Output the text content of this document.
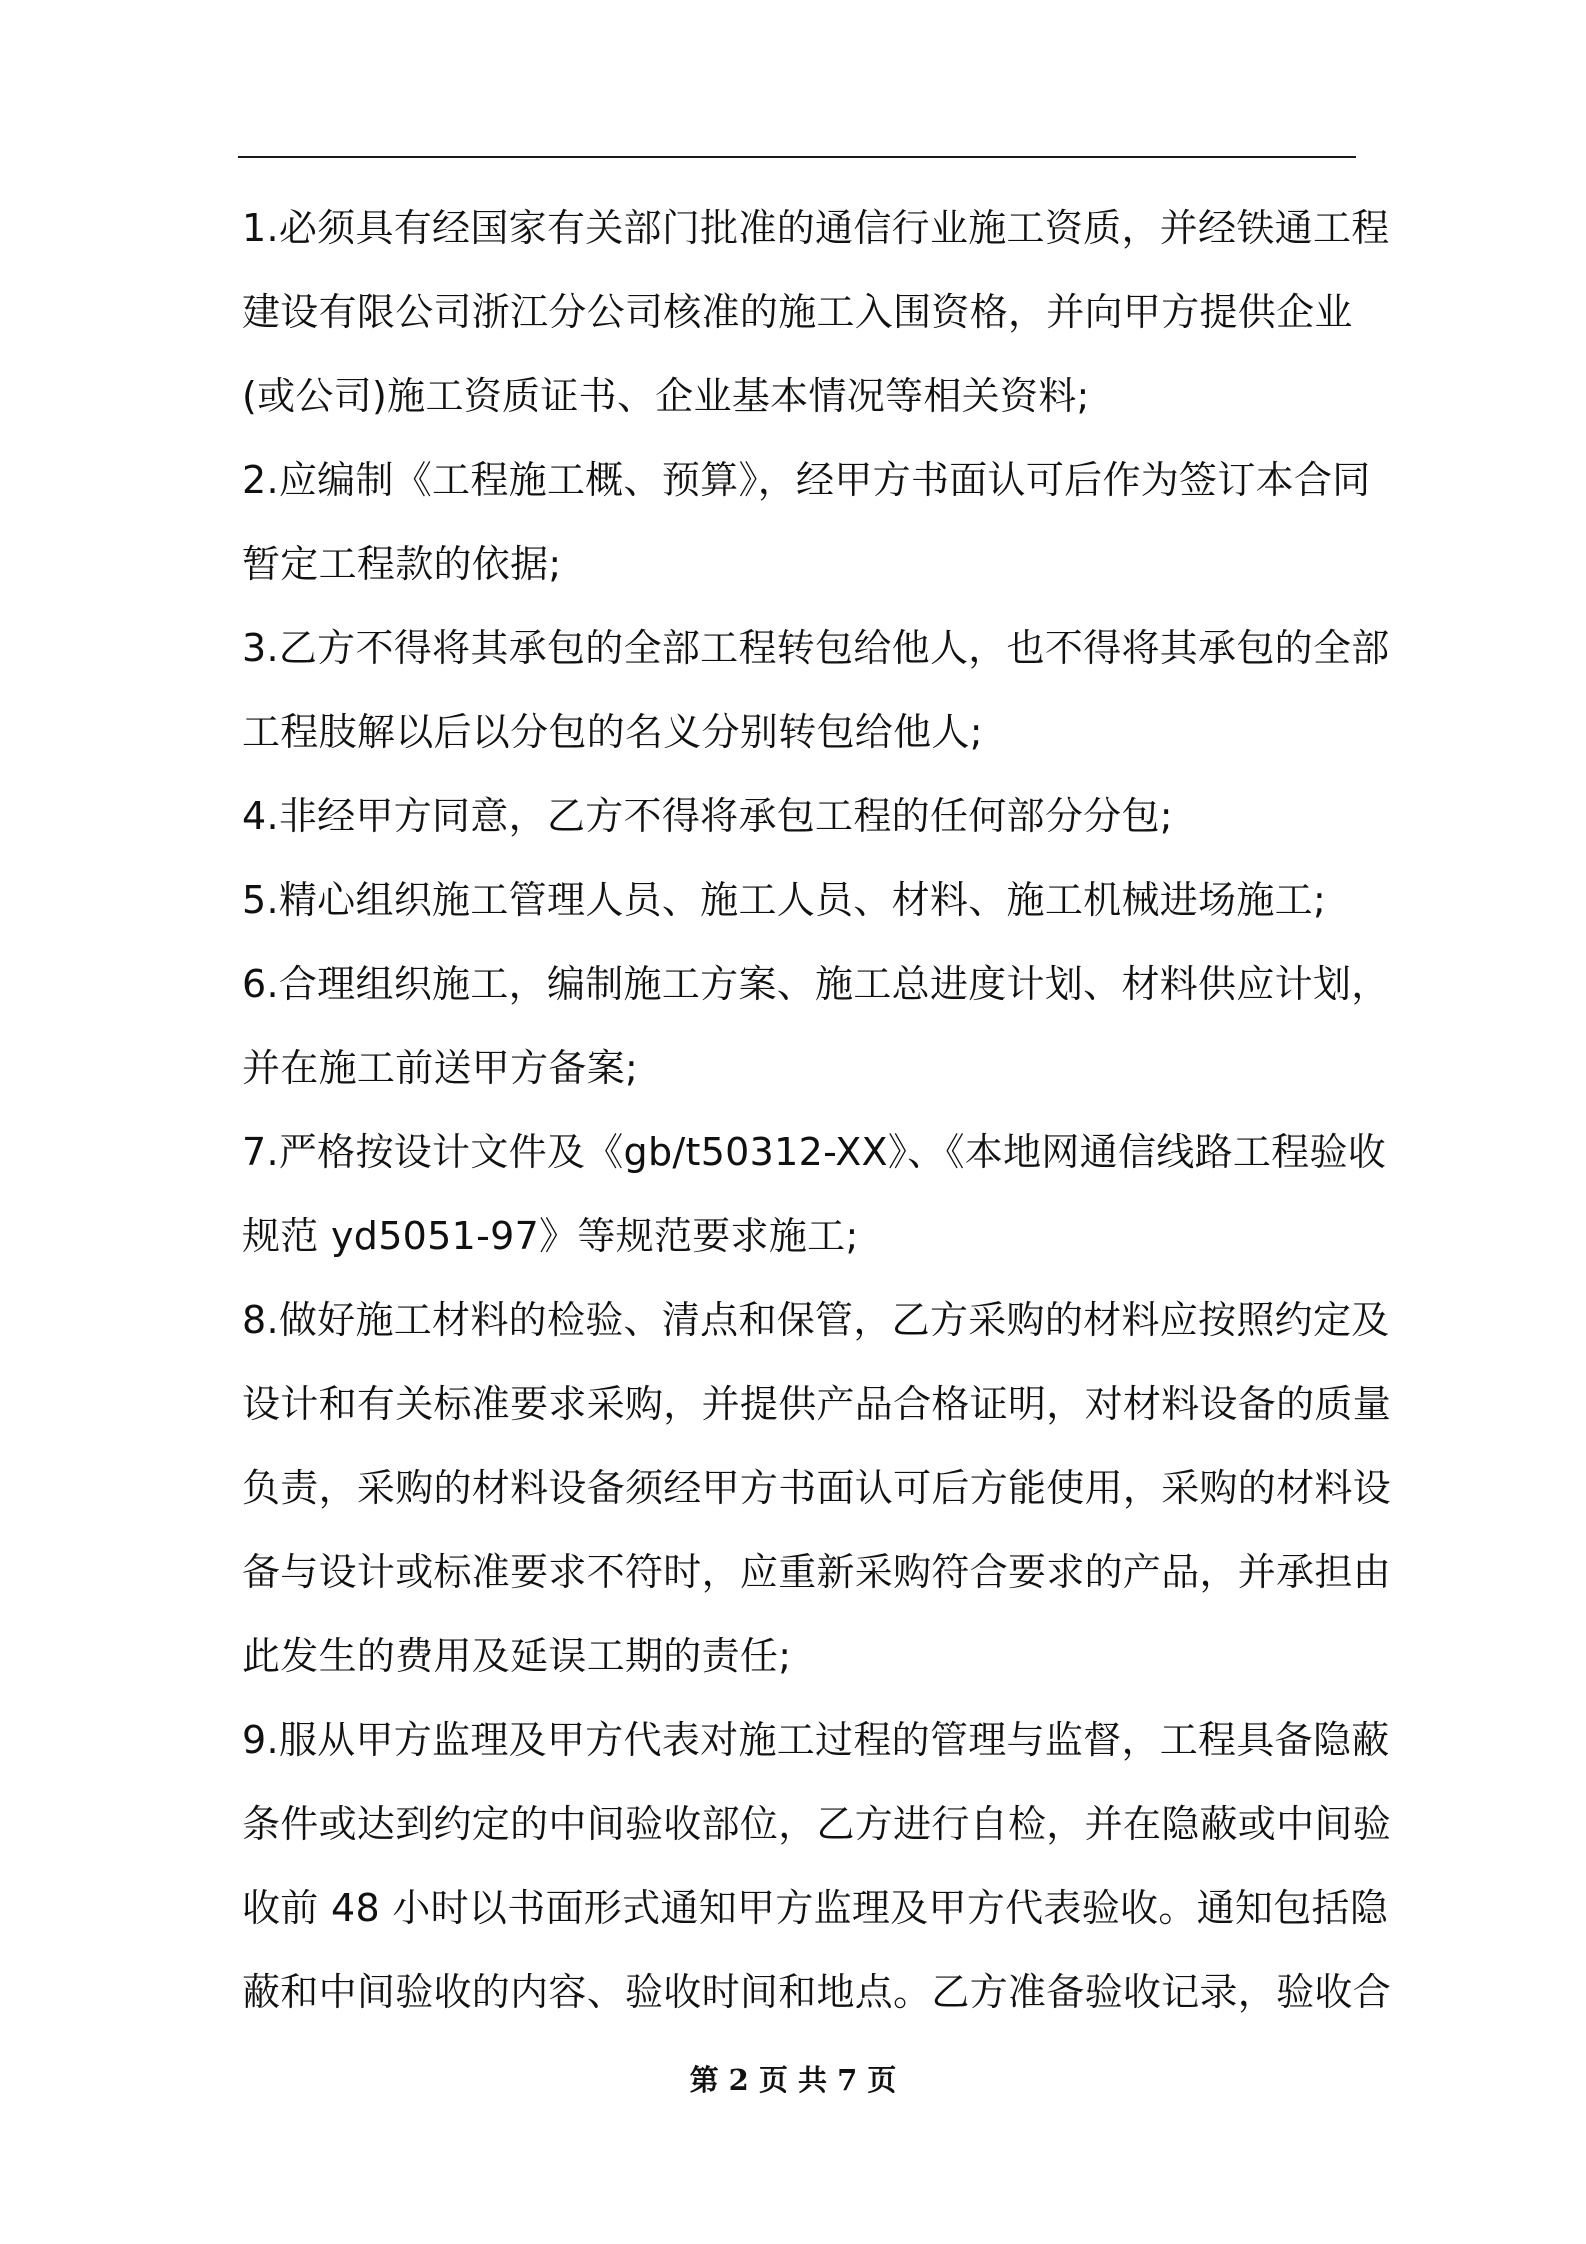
1.必须具有经国家有关部门批准的通信行业施工资质，并经铁通工程
建设有限公司浙江分公司核准的施工入围资格，并向甲方提供企业
(或公司)施工资质证书、企业基本情况等相关资料;
2.应编制《工程施工概、预算》，经甲方书面认可后作为签订本合同
暂定工程款的依据;
3.乙方不得将其承包的全部工程转包给他人，也不得将其承包的全部
工程肢解以后以分包的名义分别转包给他人;
4.非经甲方同意，乙方不得将承包工程的任何部分分包;
5.精心组织施工管理人员、施工人员、材料、施工机械进场施工;
6.合理组织施工，编制施工方案、施工总进度计划、材料供应计划，
并在施工前送甲方备案;
7.严格按设计文件及《gb/t50312-XX》、《本地网通信线路工程验收
规范 yd5051-97》等规范要求施工;
8.做好施工材料的检验、清点和保管，乙方采购的材料应按照约定及
设计和有关标准要求采购，并提供产品合格证明，对材料设备的质量
负责，采购的材料设备须经甲方书面认可后方能使用，采购的材料设
备与设计或标准要求不符时，应重新采购符合要求的产品，并承担由
此发生的费用及延误工期的责任;
9.服从甲方监理及甲方代表对施工过程的管理与监督，工程具备隐蔽
条件或达到约定的中间验收部位，乙方进行自检，并在隐蔽或中间验
收前 48 小时以书面形式通知甲方监理及甲方代表验收。通知包括隐
蔽和中间验收的内容、验收时间和地点。乙方准备验收记录，验收合
第 2 页 共 7 页
